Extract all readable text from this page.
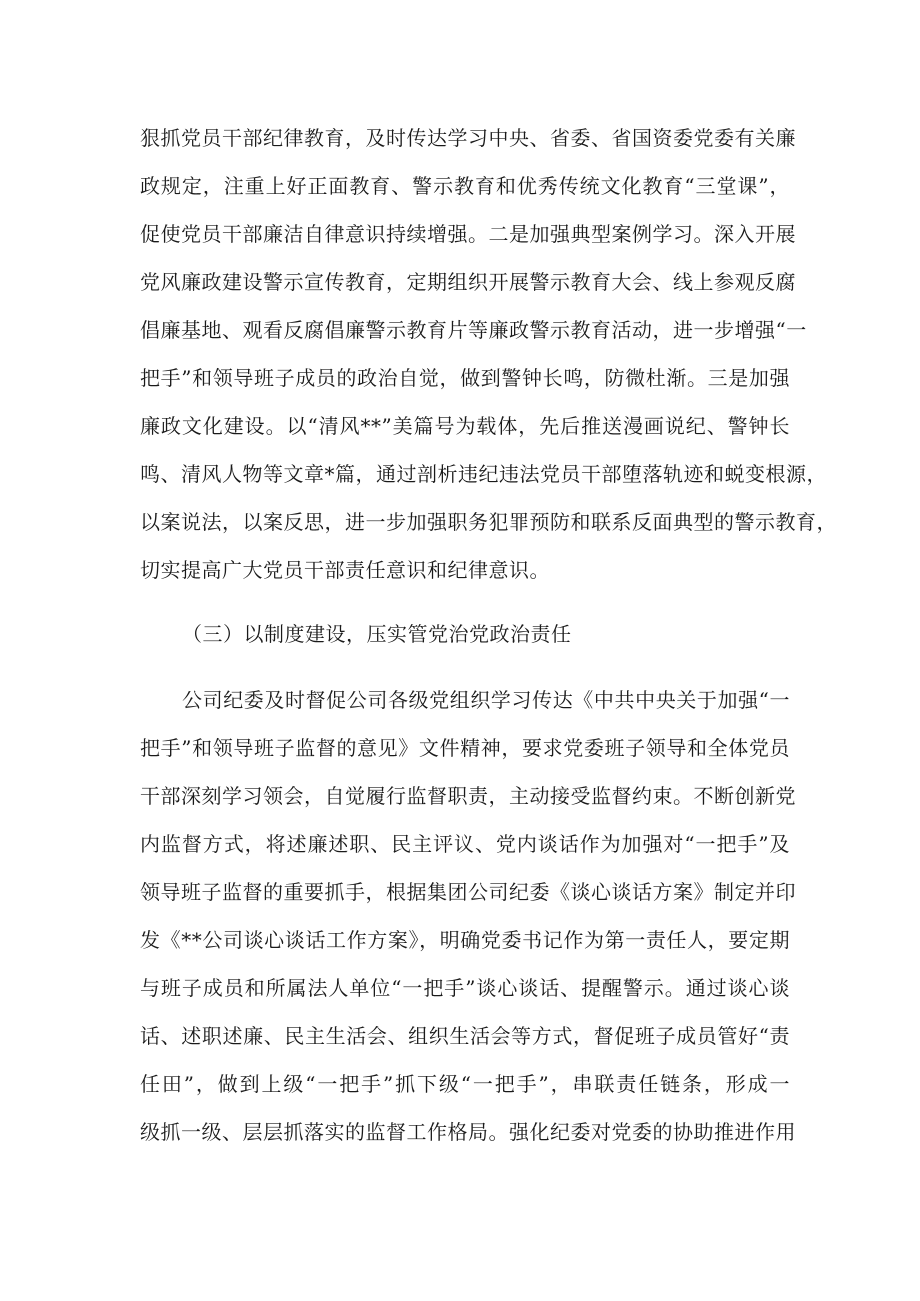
狠抓党员干部纪律教育，及时传达学习中央、省委、省国资委党委有关廉
政规定，注重上好正面教育、警示教育和优秀传统文化教育“三堂课”，
促使党员干部廉洁自律意识持续增强。二是加强典型案例学习。深入开展
党风廉政建设警示宣传教育，定期组织开展警示教育大会、线上参观反腐
倡廉基地、观看反腐倡廉警示教育片等廉政警示教育活动，进一步增强“一
把手”和领导班子成员的政治自觉，做到警钟长鸣，防微杜渐。三是加强
廉政文化建设。以“清风**”美篇号为载体，先后推送漫画说纪、警钟长
鸣、清风人物等文章*篇，通过剖析违纪违法党员干部堕落轨迹和蜕变根源，
以案说法，以案反思，进一步加强职务犯罪预防和联系反面典型的警示教育，
切实提高广大党员干部责任意识和纪律意识。
（三）以制度建设，压实管党治党政治责任
公司纪委及时督促公司各级党组织学习传达《中共中央关于加强“一
把手”和领导班子监督的意见》文件精神，要求党委班子领导和全体党员
干部深刻学习领会，自觉履行监督职责，主动接受监督约束。不断创新党
内监督方式，将述廉述职、民主评议、党内谈话作为加强对“一把手”及
领导班子监督的重要抓手，根据集团公司纪委《谈心谈话方案》制定并印
发《**公司谈心谈话工作方案》，明确党委书记作为第一责任人，要定期
与班子成员和所属法人单位“一把手”谈心谈话、提醒警示。通过谈心谈
话、述职述廉、民主生活会、组织生活会等方式，督促班子成员管好“责
任田”，做到上级“一把手”抓下级“一把手”，串联责任链条，形成一
级抓一级、层层抓落实的监督工作格局。强化纪委对党委的协助推进作用
